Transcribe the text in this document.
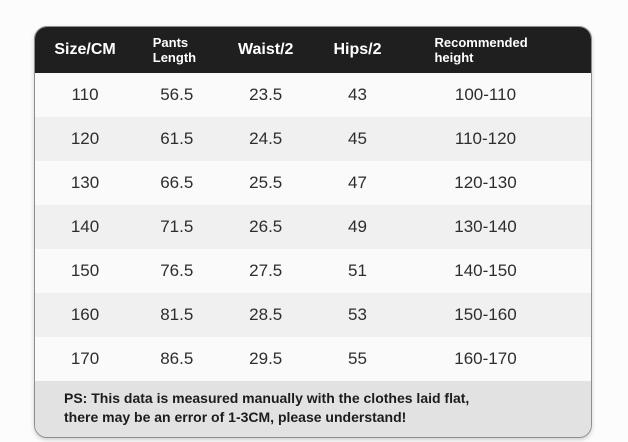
Size/CM	Pants Length	Waist/2	Hips/2	Recommended height
110	56.5	23.5	43	100-110
120	61.5	24.5	45	110-120
130	66.5	25.5	47	120-130
140	71.5	26.5	49	130-140
150	76.5	27.5	51	140-150
160	81.5	28.5	53	150-160
170	86.5	29.5	55	160-170
PS: This data is measured manually with the clothes laid flat,
there may be an error of 1-3CM, please understand!				
